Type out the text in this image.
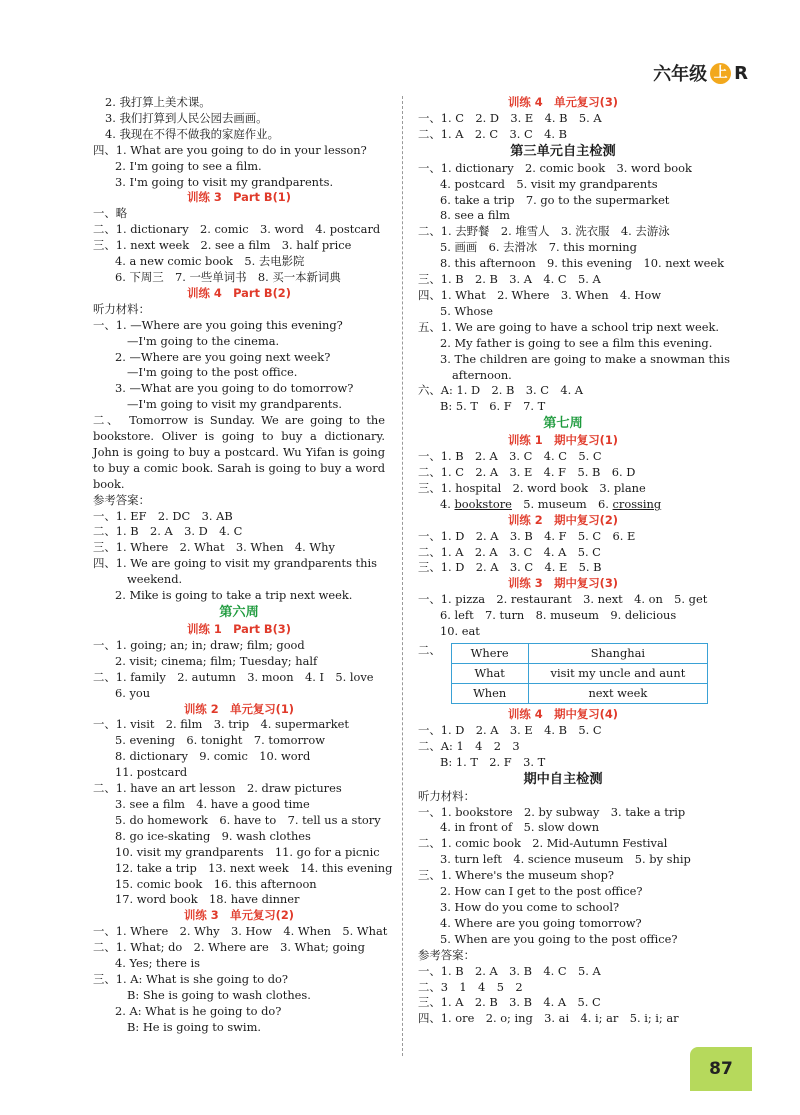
六年级 上 R
2. 我打算上美术课。
3. 我们打算到人民公园去画画。
4. 我现在不得不做我的家庭作业。
四、1. What are you going to do in your lesson?
2. I'm going to see a film.
3. I'm going to visit my grandparents.
训练 3　Part B(1)
一、略
二、1. dictionary　2. comic　3. word　4. postcard
三、1. next week　2. see a film　3. half price
4. a new comic book　5. 去电影院
6. 下周三　7. 一些单词书　8. 买一本新词典
训练 4　Part B(2)
听力材料：
一、1. —Where are you going this evening?
—I'm going to the cinema.
2. —Where are you going next week?
—I'm going to the post office.
3. —What are you going to do tomorrow?
—I'm going to visit my grandparents.
二、　Tomorrow is Sunday. We are going to the bookstore. Oliver is going to buy a dictionary. John is going to buy a postcard. Wu Yifan is going to buy a comic book. Sarah is going to buy a word book.
参考答案：
一、1. EF　2. DC　3. AB
二、1. B　2. A　3. D　4. C
三、1. Where　2. What　3. When　4. Why
四、1. We are going to visit my grandparents this
weekend.
2. Mike is going to take a trip next week.
第六周
训练 1　Part B(3)
一、1. going; an; in; draw; film; good
2. visit; cinema; film; Tuesday; half
二、1. family　2. autumn　3. moon　4. I　5. love
6. you
训练 2　单元复习(1)
一、1. visit　2. film　3. trip　4. supermarket
5. evening　6. tonight　7. tomorrow
8. dictionary　9. comic　10. word
11. postcard
二、1. have an art lesson　2. draw pictures
3. see a film　4. have a good time
5. do homework　6. have to　7. tell us a story
8. go ice-skating　9. wash clothes
10. visit my grandparents　11. go for a picnic
12. take a trip　13. next week　14. this evening
15. comic book　16. this afternoon
17. word book　18. have dinner
训练 3　单元复习(2)
一、1. Where　2. Why　3. How　4. When　5. What
二、1. What; do　2. Where are　3. What; going
4. Yes; there is
三、1. A: What is she going to do?
B: She is going to wash clothes.
2. A: What is he going to do?
B: He is going to swim.
训练 4　单元复习(3)
一、1. C　2. D　3. E　4. B　5. A
二、1. A　2. C　3. C　4. B
第三单元自主检测
一、1. dictionary　2. comic book　3. word book
4. postcard　5. visit my grandparents
6. take a trip　7. go to the supermarket
8. see a film
二、1. 去野餐　2. 堆雪人　3. 洗衣服　4. 去游泳
5. 画画　6. 去滑冰　7. this morning
8. this afternoon　9. this evening　10. next week
三、1. B　2. B　3. A　4. C　5. A
四、1. What　2. Where　3. When　4. How
5. Whose
五、1. We are going to have a school trip next week.
2. My father is going to see a film this evening.
3. The children are going to make a snowman this
afternoon.
六、A: 1. D　2. B　3. C　4. A
B: 5. T　6. F　7. T
第七周
训练 1　期中复习(1)
一、1. B　2. A　3. C　4. C　5. C
二、1. C　2. A　3. E　4. F　5. B　6. D
三、1. hospital　2. word book　3. plane
4. bookstore　5. museum　6. crossing
训练 2　期中复习(2)
一、1. D　2. A　3. B　4. F　5. C　6. E
二、1. A　2. A　3. C　4. A　5. C
三、1. D　2. A　3. C　4. E　5. B
训练 3　期中复习(3)
一、1. pizza　2. restaurant　3. next　4. on　5. get
6. left　7. turn　8. museum　9. delicious
10. eat
二、	Where	Shanghai
What	visit my uncle and aunt
When	next week
训练 4　期中复习(4)
一、1. D　2. A　3. E　4. B　5. C
二、A: 1　4　2　3
B: 1. T　2. F　3. T
期中自主检测
听力材料：
一、1. bookstore　2. by subway　3. take a trip
4. in front of　5. slow down
二、1. comic book　2. Mid-Autumn Festival
3. turn left　4. science museum　5. by ship
三、1. Where's the museum shop?
2. How can I get to the post office?
3. How do you come to school?
4. Where are you going tomorrow?
5. When are you going to the post office?
参考答案：
一、1. B　2. A　3. B　4. C　5. A
二、3　1　4　5　2
三、1. A　2. B　3. B　4. A　5. C
四、1. ore　2. o; ing　3. ai　4. i; ar　5. i; i; ar
87
